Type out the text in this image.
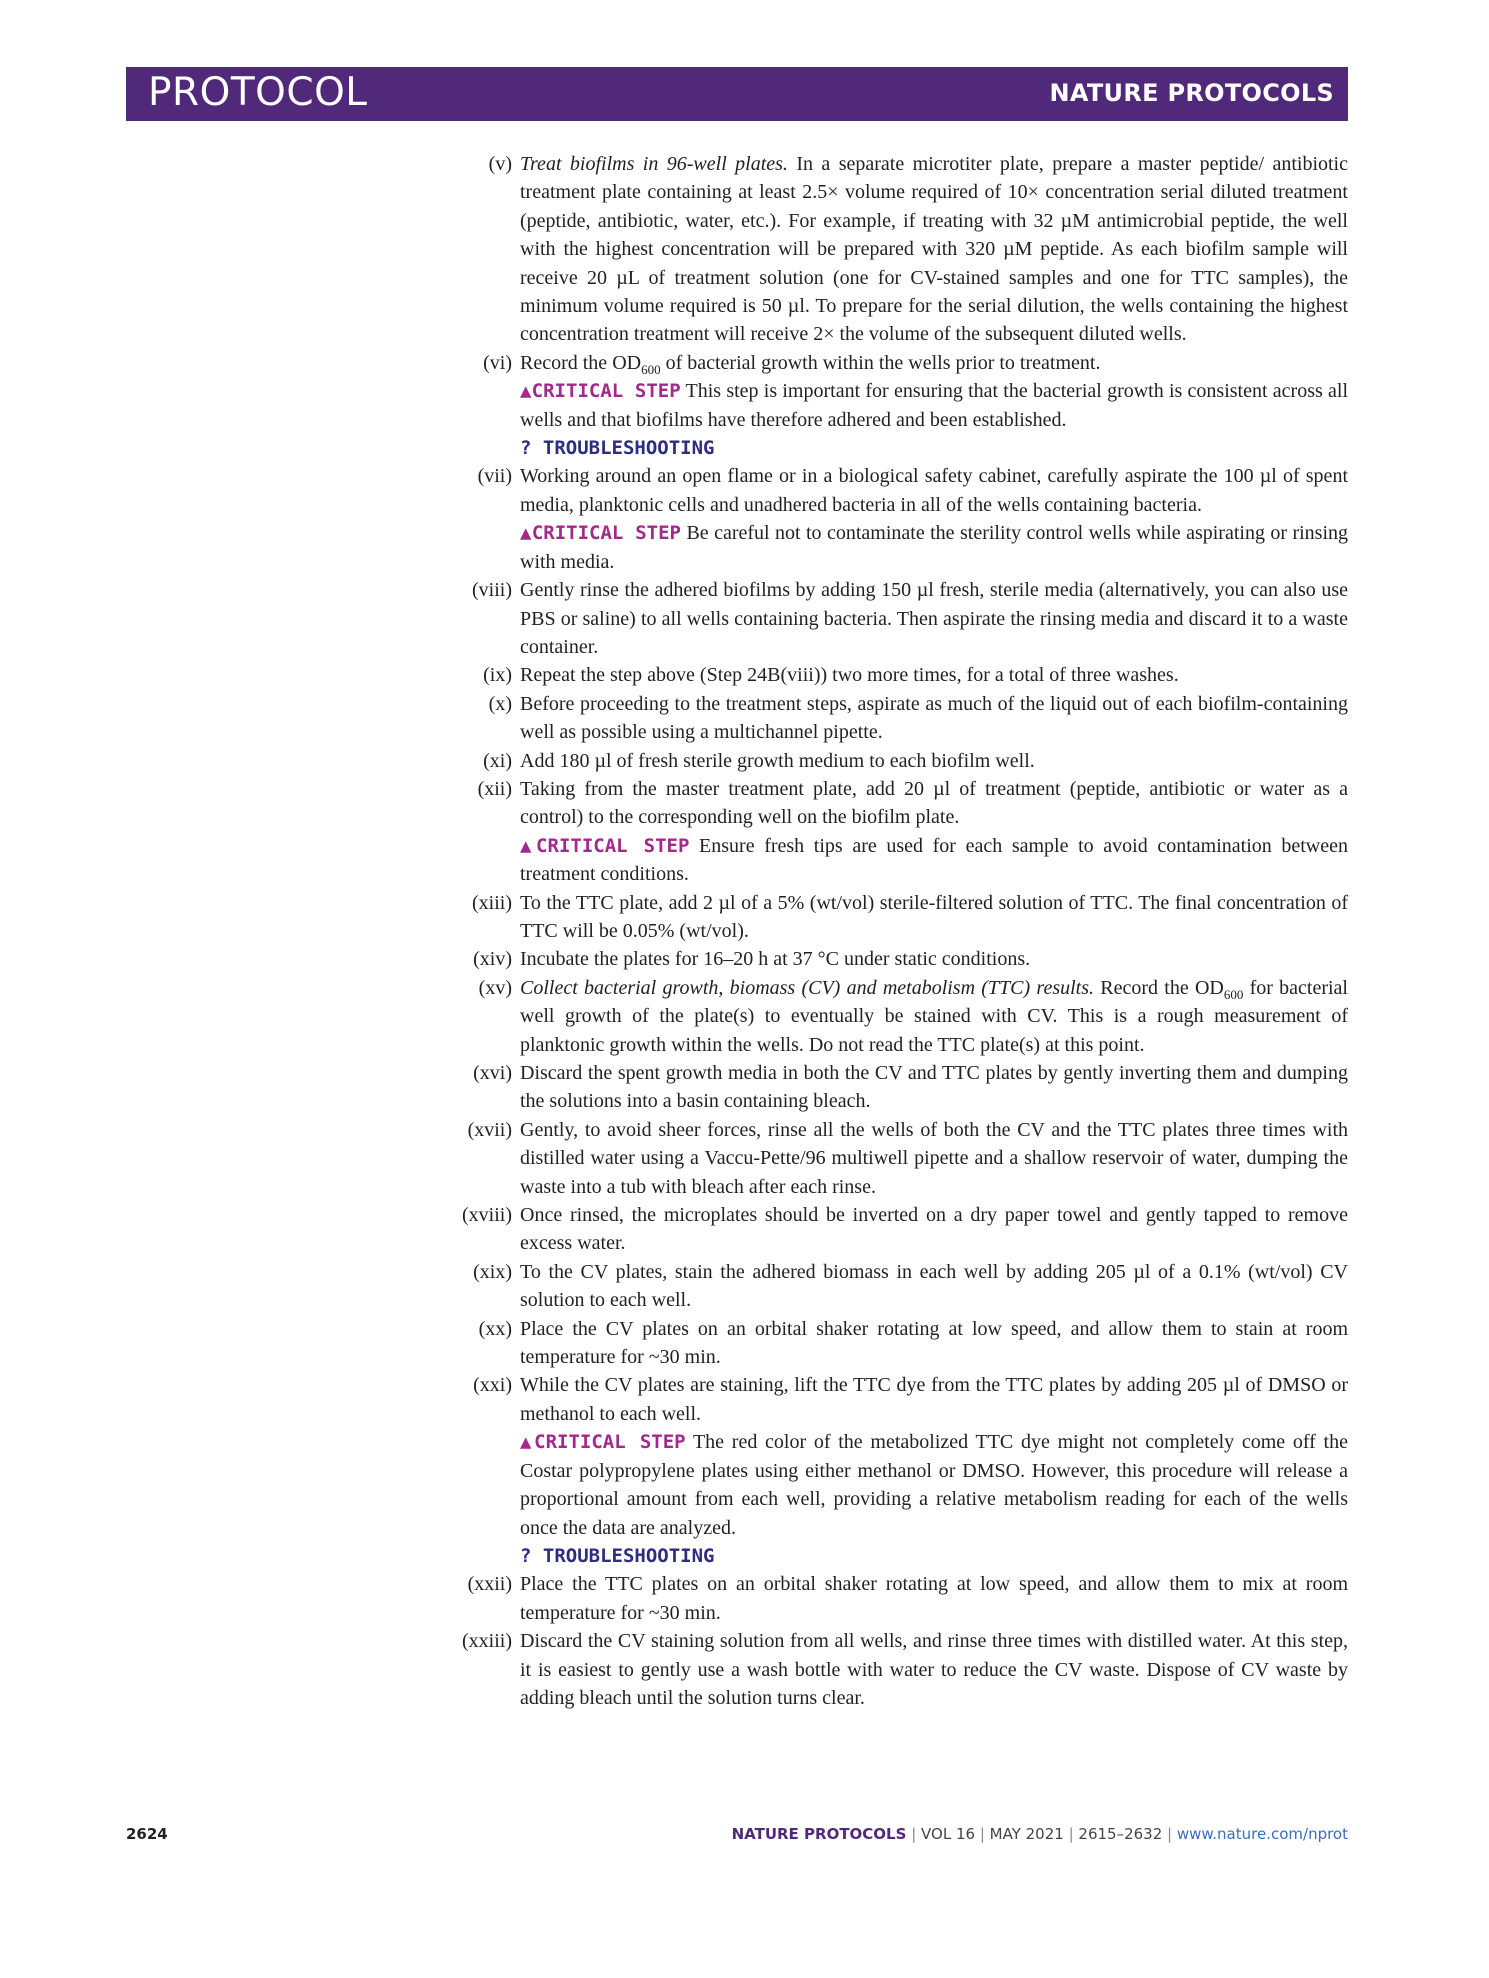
PROTOCOL	NATURE PROTOCOLS
(v) Treat biofilms in 96-well plates. In a separate microtiter plate, prepare a master peptide/ antibiotic treatment plate containing at least 2.5× volume required of 10× concentration serial diluted treatment (peptide, antibiotic, water, etc.). For example, if treating with 32 µM antimicrobial peptide, the well with the highest concentration will be prepared with 320 µM peptide. As each biofilm sample will receive 20 µL of treatment solution (one for CV-stained samples and one for TTC samples), the minimum volume required is 50 µl. To prepare for the serial dilution, the wells containing the highest concentration treatment will receive 2× the volume of the subsequent diluted wells.
(vi) Record the $OD_{600}$ of bacterial growth within the wells prior to treatment.
▲CRITICAL STEP This step is important for ensuring that the bacterial growth is consistent across all wells and that biofilms have therefore adhered and been established.
? TROUBLESHOOTING
(vii) Working around an open flame or in a biological safety cabinet, carefully aspirate the 100 µl of spent media, planktonic cells and unadhered bacteria in all of the wells containing bacteria.
▲CRITICAL STEP Be careful not to contaminate the sterility control wells while aspirating or rinsing with media.
(viii) Gently rinse the adhered biofilms by adding 150 µl fresh, sterile media (alternatively, you can also use PBS or saline) to all wells containing bacteria. Then aspirate the rinsing media and discard it to a waste container.
(ix) Repeat the step above (Step 24B(viii)) two more times, for a total of three washes.
(x) Before proceeding to the treatment steps, aspirate as much of the liquid out of each biofilm-containing well as possible using a multichannel pipette.
(xi) Add 180 µl of fresh sterile growth medium to each biofilm well.
(xii) Taking from the master treatment plate, add 20 µl of treatment (peptide, antibiotic or water as a control) to the corresponding well on the biofilm plate.
▲CRITICAL STEP Ensure fresh tips are used for each sample to avoid contamination between treatment conditions.
(xiii) To the TTC plate, add 2 µl of a 5% (wt/vol) sterile-filtered solution of TTC. The final concentration of TTC will be 0.05% (wt/vol).
(xiv) Incubate the plates for 16–20 h at 37 °C under static conditions.
(xv) Collect bacterial growth, biomass (CV) and metabolism (TTC) results. Record the $OD_{600}$ for bacterial well growth of the plate(s) to eventually be stained with CV. This is a rough measurement of planktonic growth within the wells. Do not read the TTC plate(s) at this point.
(xvi) Discard the spent growth media in both the CV and TTC plates by gently inverting them and dumping the solutions into a basin containing bleach.
(xvii) Gently, to avoid sheer forces, rinse all the wells of both the CV and the TTC plates three times with distilled water using a Vaccu-Pette/96 multiwell pipette and a shallow reservoir of water, dumping the waste into a tub with bleach after each rinse.
(xviii) Once rinsed, the microplates should be inverted on a dry paper towel and gently tapped to remove excess water.
(xix) To the CV plates, stain the adhered biomass in each well by adding 205 µl of a 0.1% (wt/vol) CV solution to each well.
(xx) Place the CV plates on an orbital shaker rotating at low speed, and allow them to stain at room temperature for ~30 min.
(xxi) While the CV plates are staining, lift the TTC dye from the TTC plates by adding 205 µl of DMSO or methanol to each well.
▲CRITICAL STEP The red color of the metabolized TTC dye might not completely come off the Costar polypropylene plates using either methanol or DMSO. However, this procedure will release a proportional amount from each well, providing a relative metabolism reading for each of the wells once the data are analyzed.
? TROUBLESHOOTING
(xxii) Place the TTC plates on an orbital shaker rotating at low speed, and allow them to mix at room temperature for ~30 min.
(xxiii) Discard the CV staining solution from all wells, and rinse three times with distilled water. At this step, it is easiest to gently use a wash bottle with water to reduce the CV waste. Dispose of CV waste by adding bleach until the solution turns clear.
2624	NATURE PROTOCOLS | VOL 16 | MAY 2021 | 2615–2632 | www.nature.com/nprot
